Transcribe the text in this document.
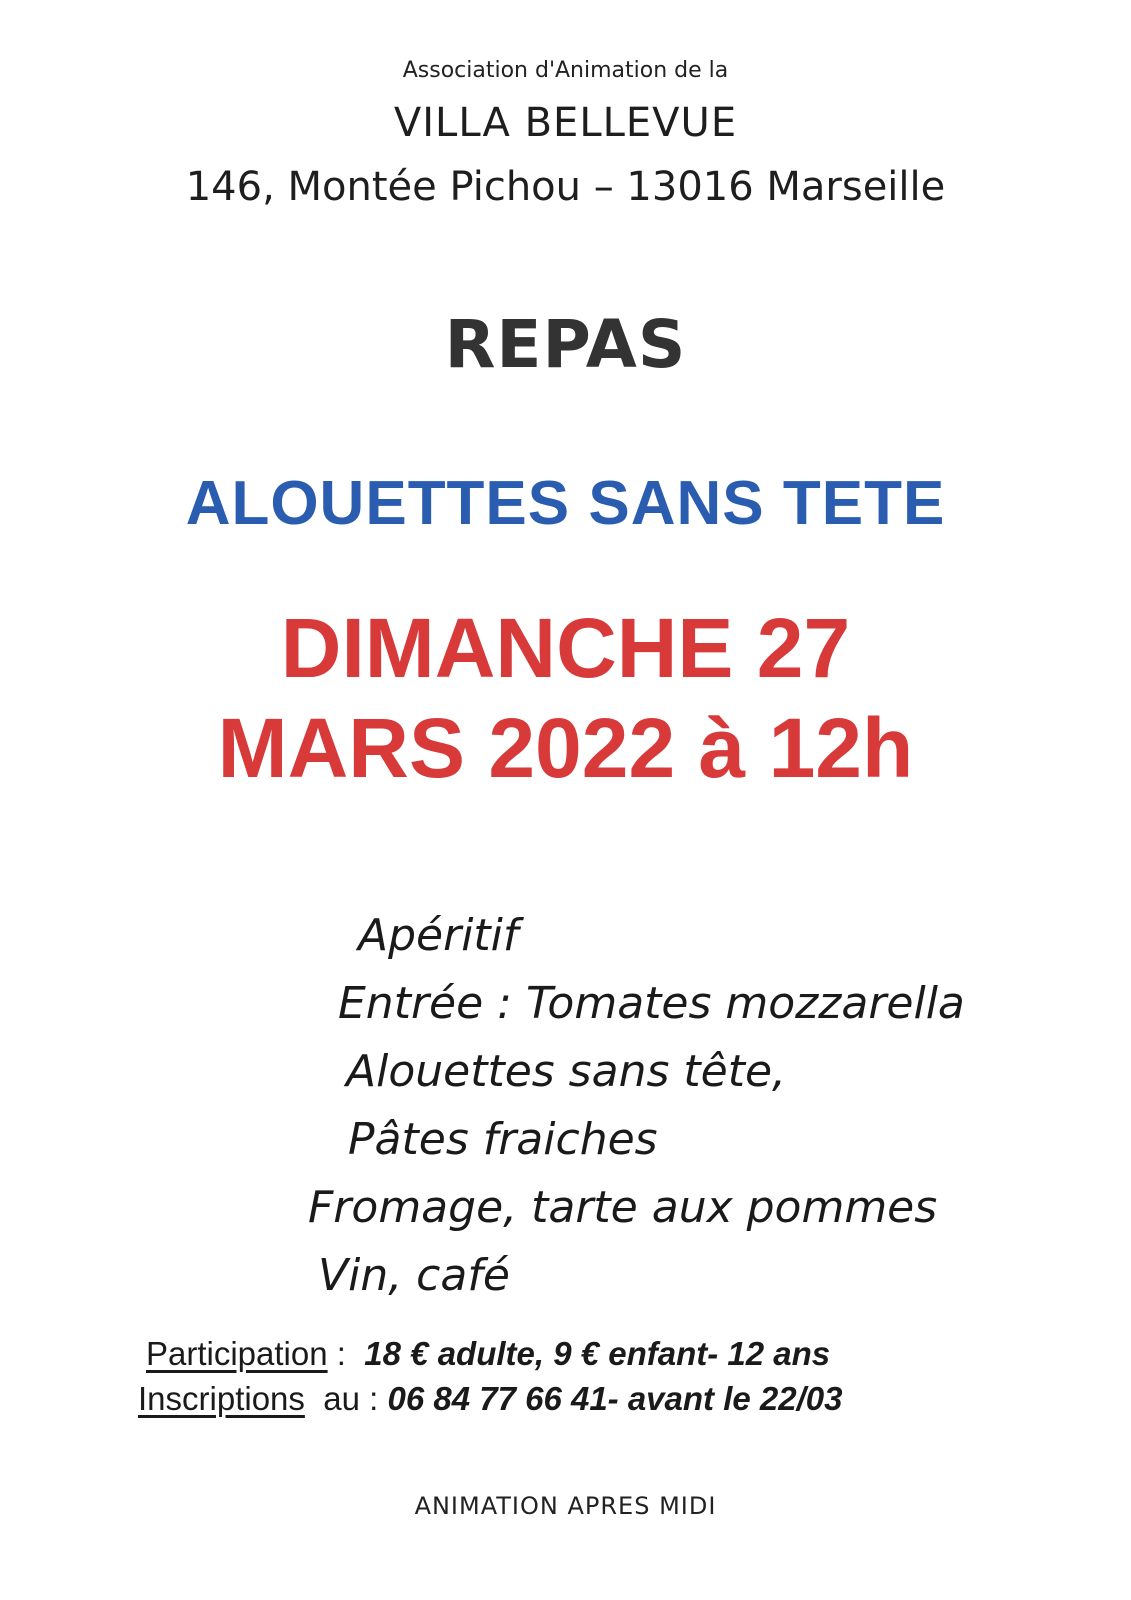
Association d'Animation de la
VILLA BELLEVUE
146, Montée Pichou – 13016 Marseille
REPAS
ALOUETTES SANS TETE
DIMANCHE 27
MARS 2022 à 12h
Apéritif
Entrée : Tomates mozzarella
Alouettes sans tête,
Pâtes fraiches
Fromage, tarte aux pommes
Vin, café
Participation :  18 € adulte, 9 € enfant- 12 ans
Inscriptions  au : 06 84 77 66 41- avant le 22/03
ANIMATION APRES MIDI
